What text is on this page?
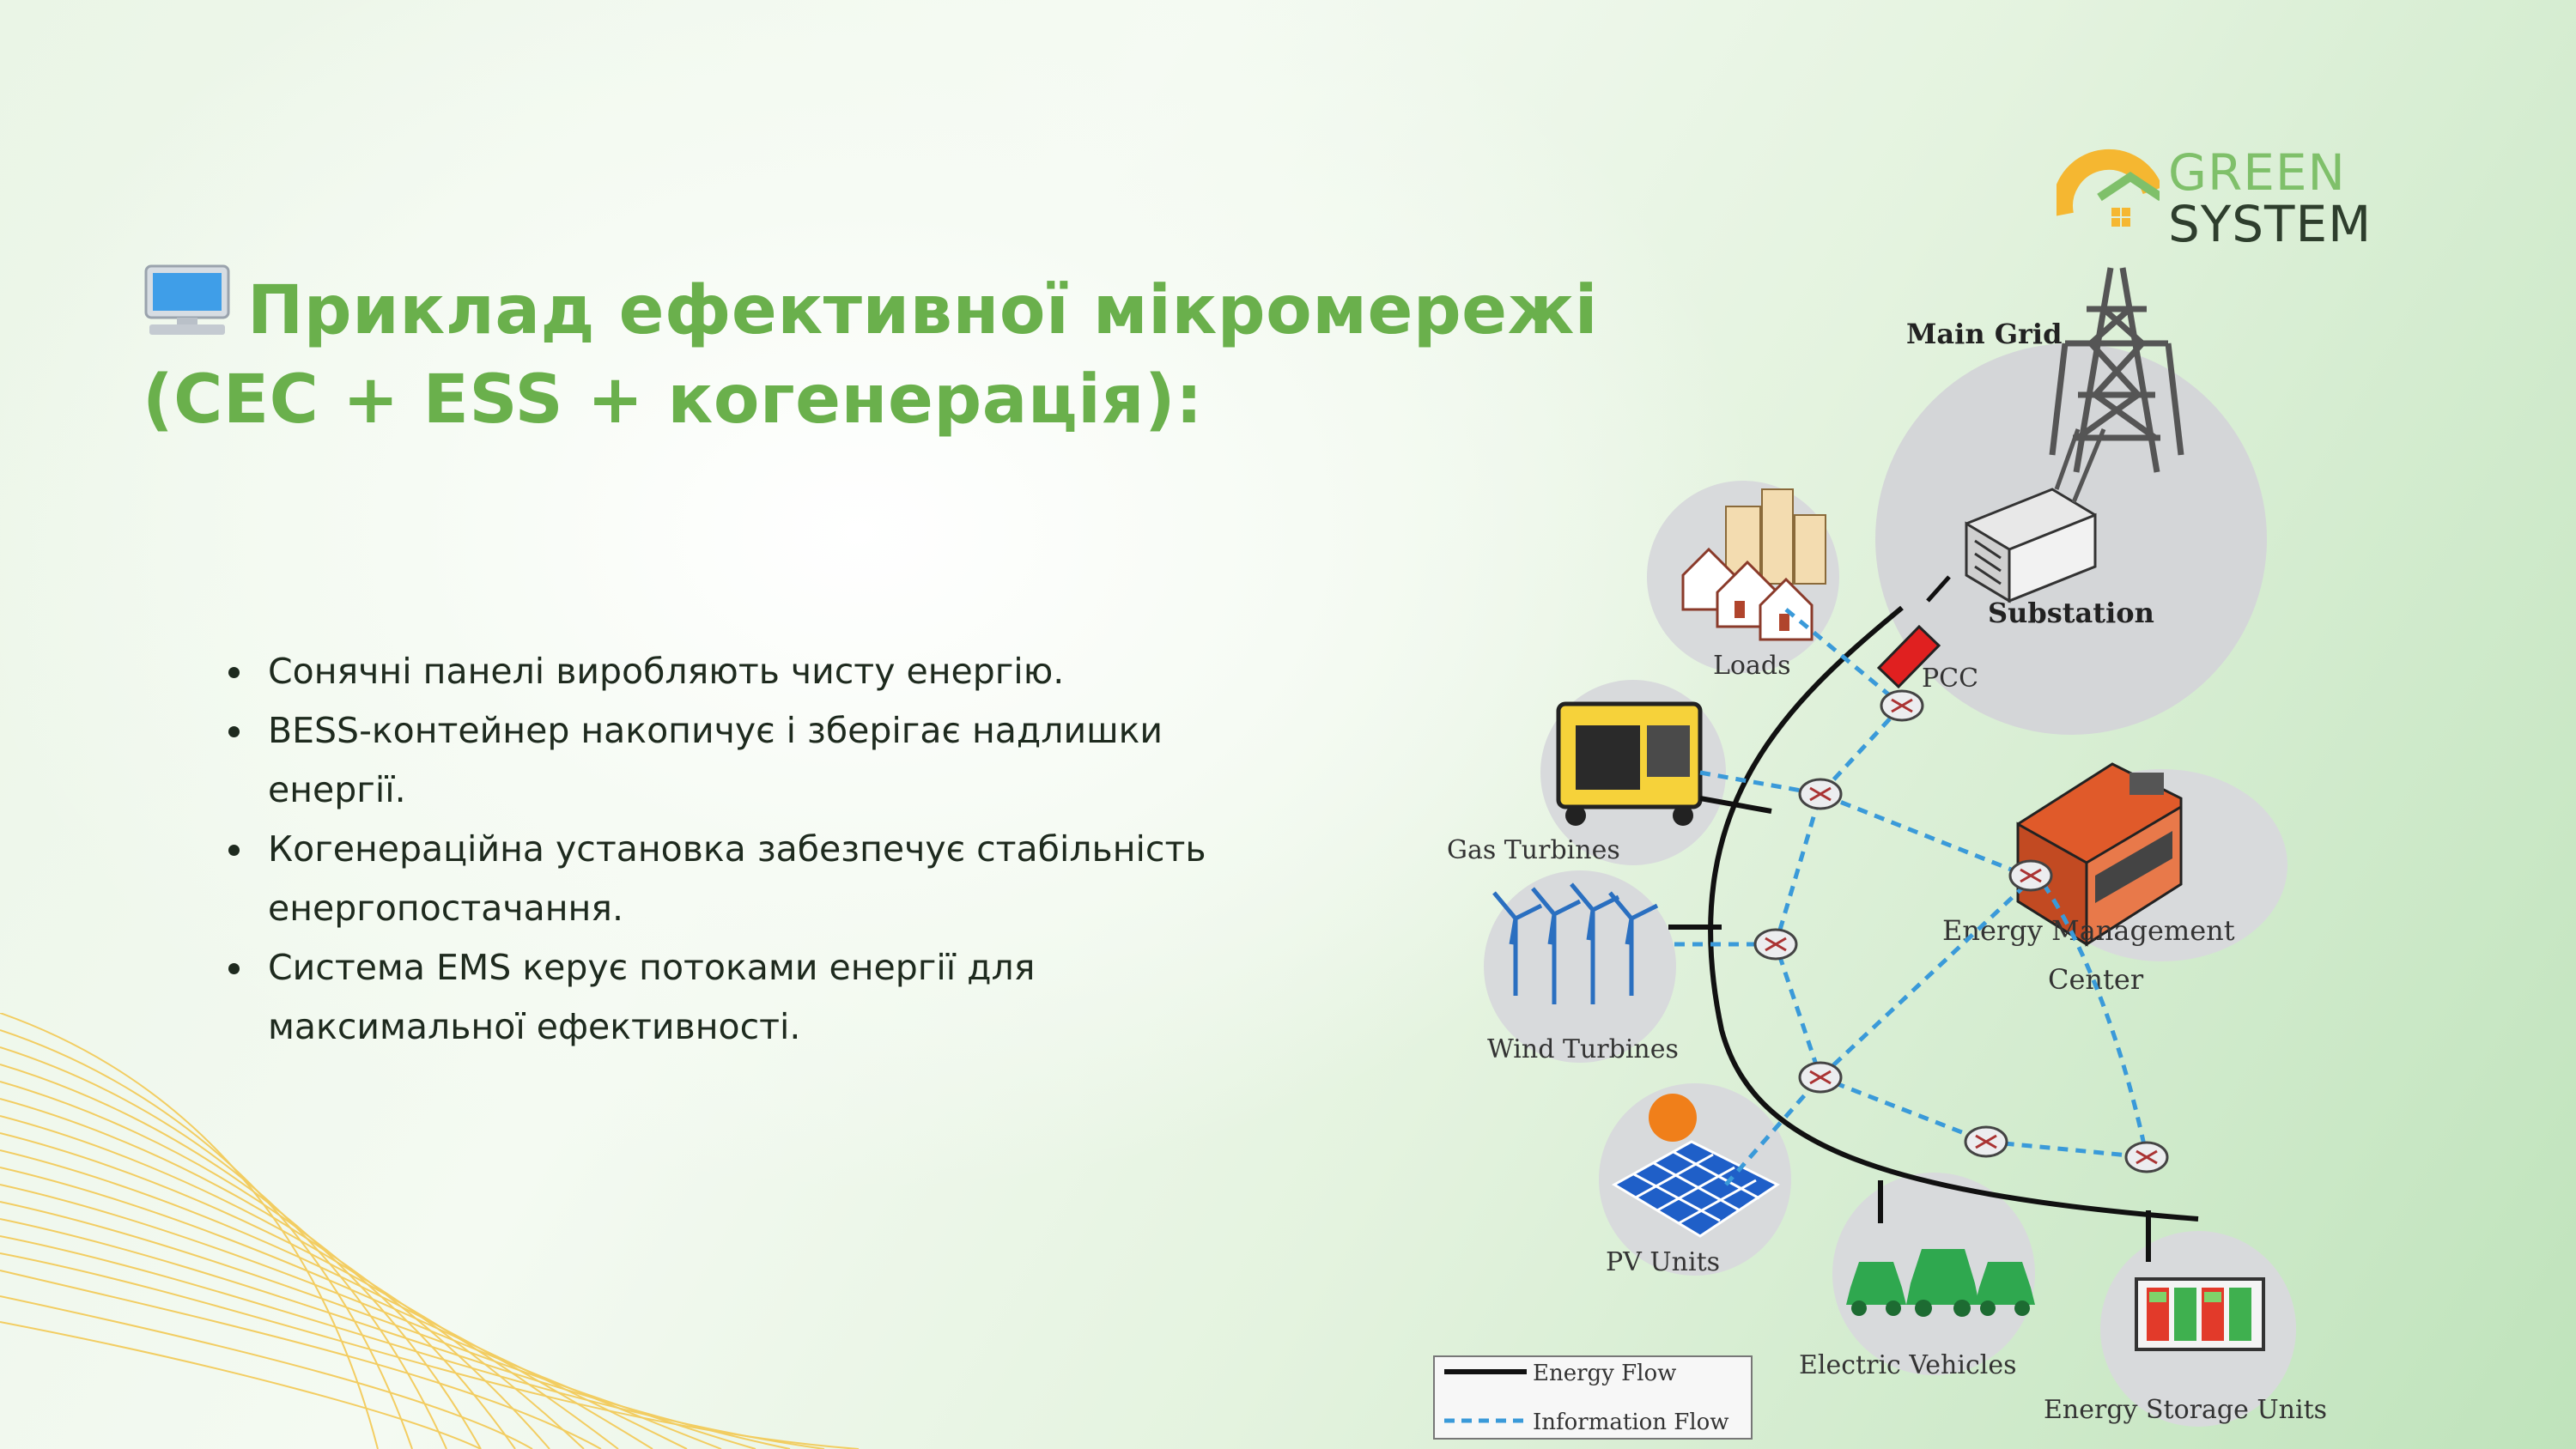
GREEN
SYSTEM
Приклад ефективної мікромережі
(СЕС + ESS + когенерація):
Сонячні панелі виробляють чисту енергію.
BESS-контейнер накопичує і зберігає надлишки енергії.
Когенераційна установка забезпечує стабільність енергопостачання.
Система EMS керує потоками енергії для максимальної ефективності.
Main Grid
Substation
Loads
Gas Turbines
Wind Turbines
PV Units
Electric Vehicles
Energy Storage Units
Energy Management
Center
PCC
Energy Flow
Information Flow
